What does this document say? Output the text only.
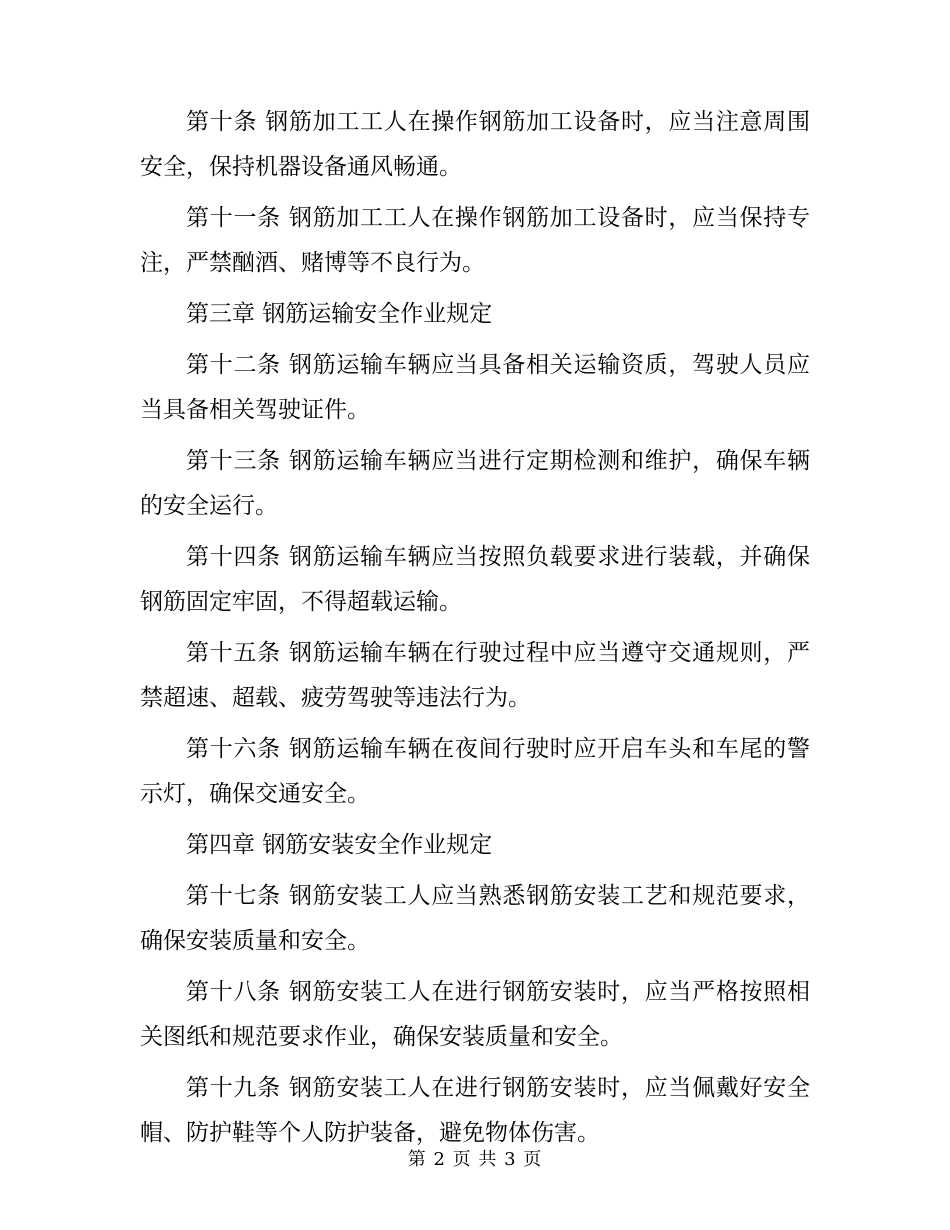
第十条 钢筋加工工人在操作钢筋加工设备时，应当注意周围安全，保持机器设备通风畅通。

第十一条 钢筋加工工人在操作钢筋加工设备时，应当保持专注，严禁酗酒、赌博等不良行为。

第三章 钢筋运输安全作业规定

第十二条 钢筋运输车辆应当具备相关运输资质，驾驶人员应当具备相关驾驶证件。

第十三条 钢筋运输车辆应当进行定期检测和维护，确保车辆的安全运行。

第十四条 钢筋运输车辆应当按照负载要求进行装载，并确保钢筋固定牢固，不得超载运输。

第十五条 钢筋运输车辆在行驶过程中应当遵守交通规则，严禁超速、超载、疲劳驾驶等违法行为。

第十六条 钢筋运输车辆在夜间行驶时应开启车头和车尾的警示灯，确保交通安全。

第四章 钢筋安装安全作业规定

第十七条 钢筋安装工人应当熟悉钢筋安装工艺和规范要求，确保安装质量和安全。

第十八条 钢筋安装工人在进行钢筋安装时，应当严格按照相关图纸和规范要求作业，确保安装质量和安全。

第十九条 钢筋安装工人在进行钢筋安装时，应当佩戴好安全帽、防护鞋等个人防护装备，避免物体伤害。

第 2 页 共 3 页
